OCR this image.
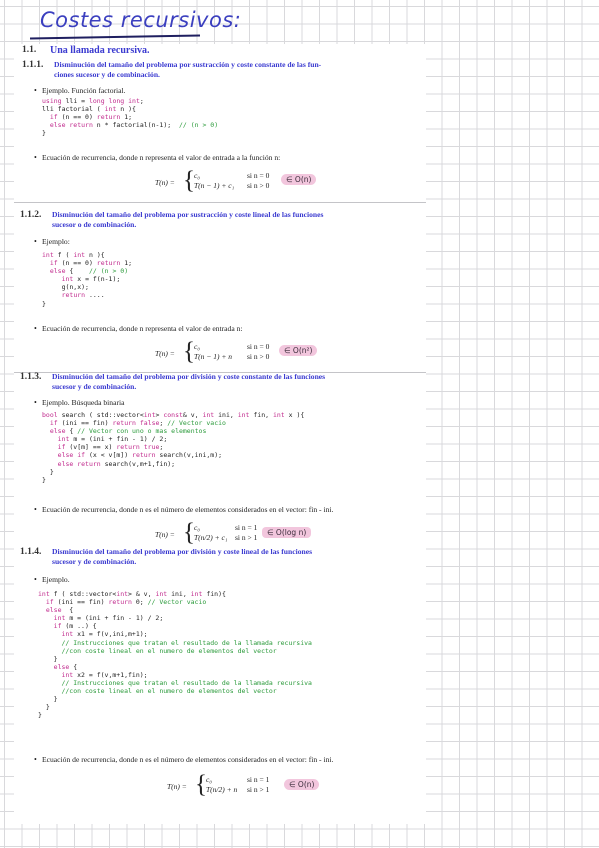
Costes recursivos:
1.1. Una llamada recursiva.
1.1.1. Disminución del tamaño del problema por sustracción y coste constante de las fun-
ciones sucesor y de combinación.
• Ejemplo. Función factorial.
using lli = long long int;
lli factorial ( int n ){
if (n == 0) return 1;
else return n * factorial(n-1);  // (n > 0)
}
• Ecuación de recurrencia, donde n representa el valor de entrada a la función n:
T(n) = { c₀	si n = 0
T(n − 1) + c₁ si n > 0
∈ O(n)
1.1.2. Disminución del tamaño del problema por sustracción y coste lineal de las funciones
sucesor o de combinación.
• Ejemplo:
int f ( int n ){
if (n == 0) return 1;
else {    // (n > 0)
int x = f(n-1);
g(n,x);
return ....
}
• Ecuación de recurrencia, donde n representa el valor de entrada n:
T(n) = { c₀	si n = 0
T(n − 1) + n si n > 0
∈ O(n²)
1.1.3. Disminución del tamaño del problema por división y coste constante de las funciones
sucesor y de combinación.
• Ejemplo. Búsqueda binaria
bool search ( std::vector<int> const& v, int ini, int fin, int x ){
if (ini == fin) return false; // Vector vacio
else { // Vector con uno o mas elementos
int m = (ini + fin - 1) / 2;
if (v[m] == x) return true;
else if (x < v[m]) return search(v,ini,m);
else return search(v,m+1,fin);
}
}
• Ecuación de recurrencia, donde n es el número de elementos considerados en el vector: fin - ini.
T(n) = { c₀	si n = 1
T(n/2) + c₁ si n > 1
∈ O(log n)
1.1.4. Disminución del tamaño del problema por división y coste lineal de las funciones
sucesor y de combinación.
• Ejemplo.
int f ( std::vector<int> & v, int ini, int fin){
if (ini == fin) return 0; // Vector vacio
else  {
int m = (ini + fin - 1) / 2;
if (m ..) {
int x1 = f(v,ini,m+1);
// Instrucciones que tratan el resultado de la llamada recursiva
//con coste lineal en el numero de elementos del vector
}
else {
int x2 = f(v,m+1,fin);
// Instrucciones que tratan el resultado de la llamada recursiva
//con coste lineal en el numero de elementos del vector
}
}
}
• Ecuación de recurrencia, donde n es el número de elementos considerados en el vector: fin - ini.
T(n) = { c₀	si n = 1
T(n/2) + n si n > 1
∈ O(n)
